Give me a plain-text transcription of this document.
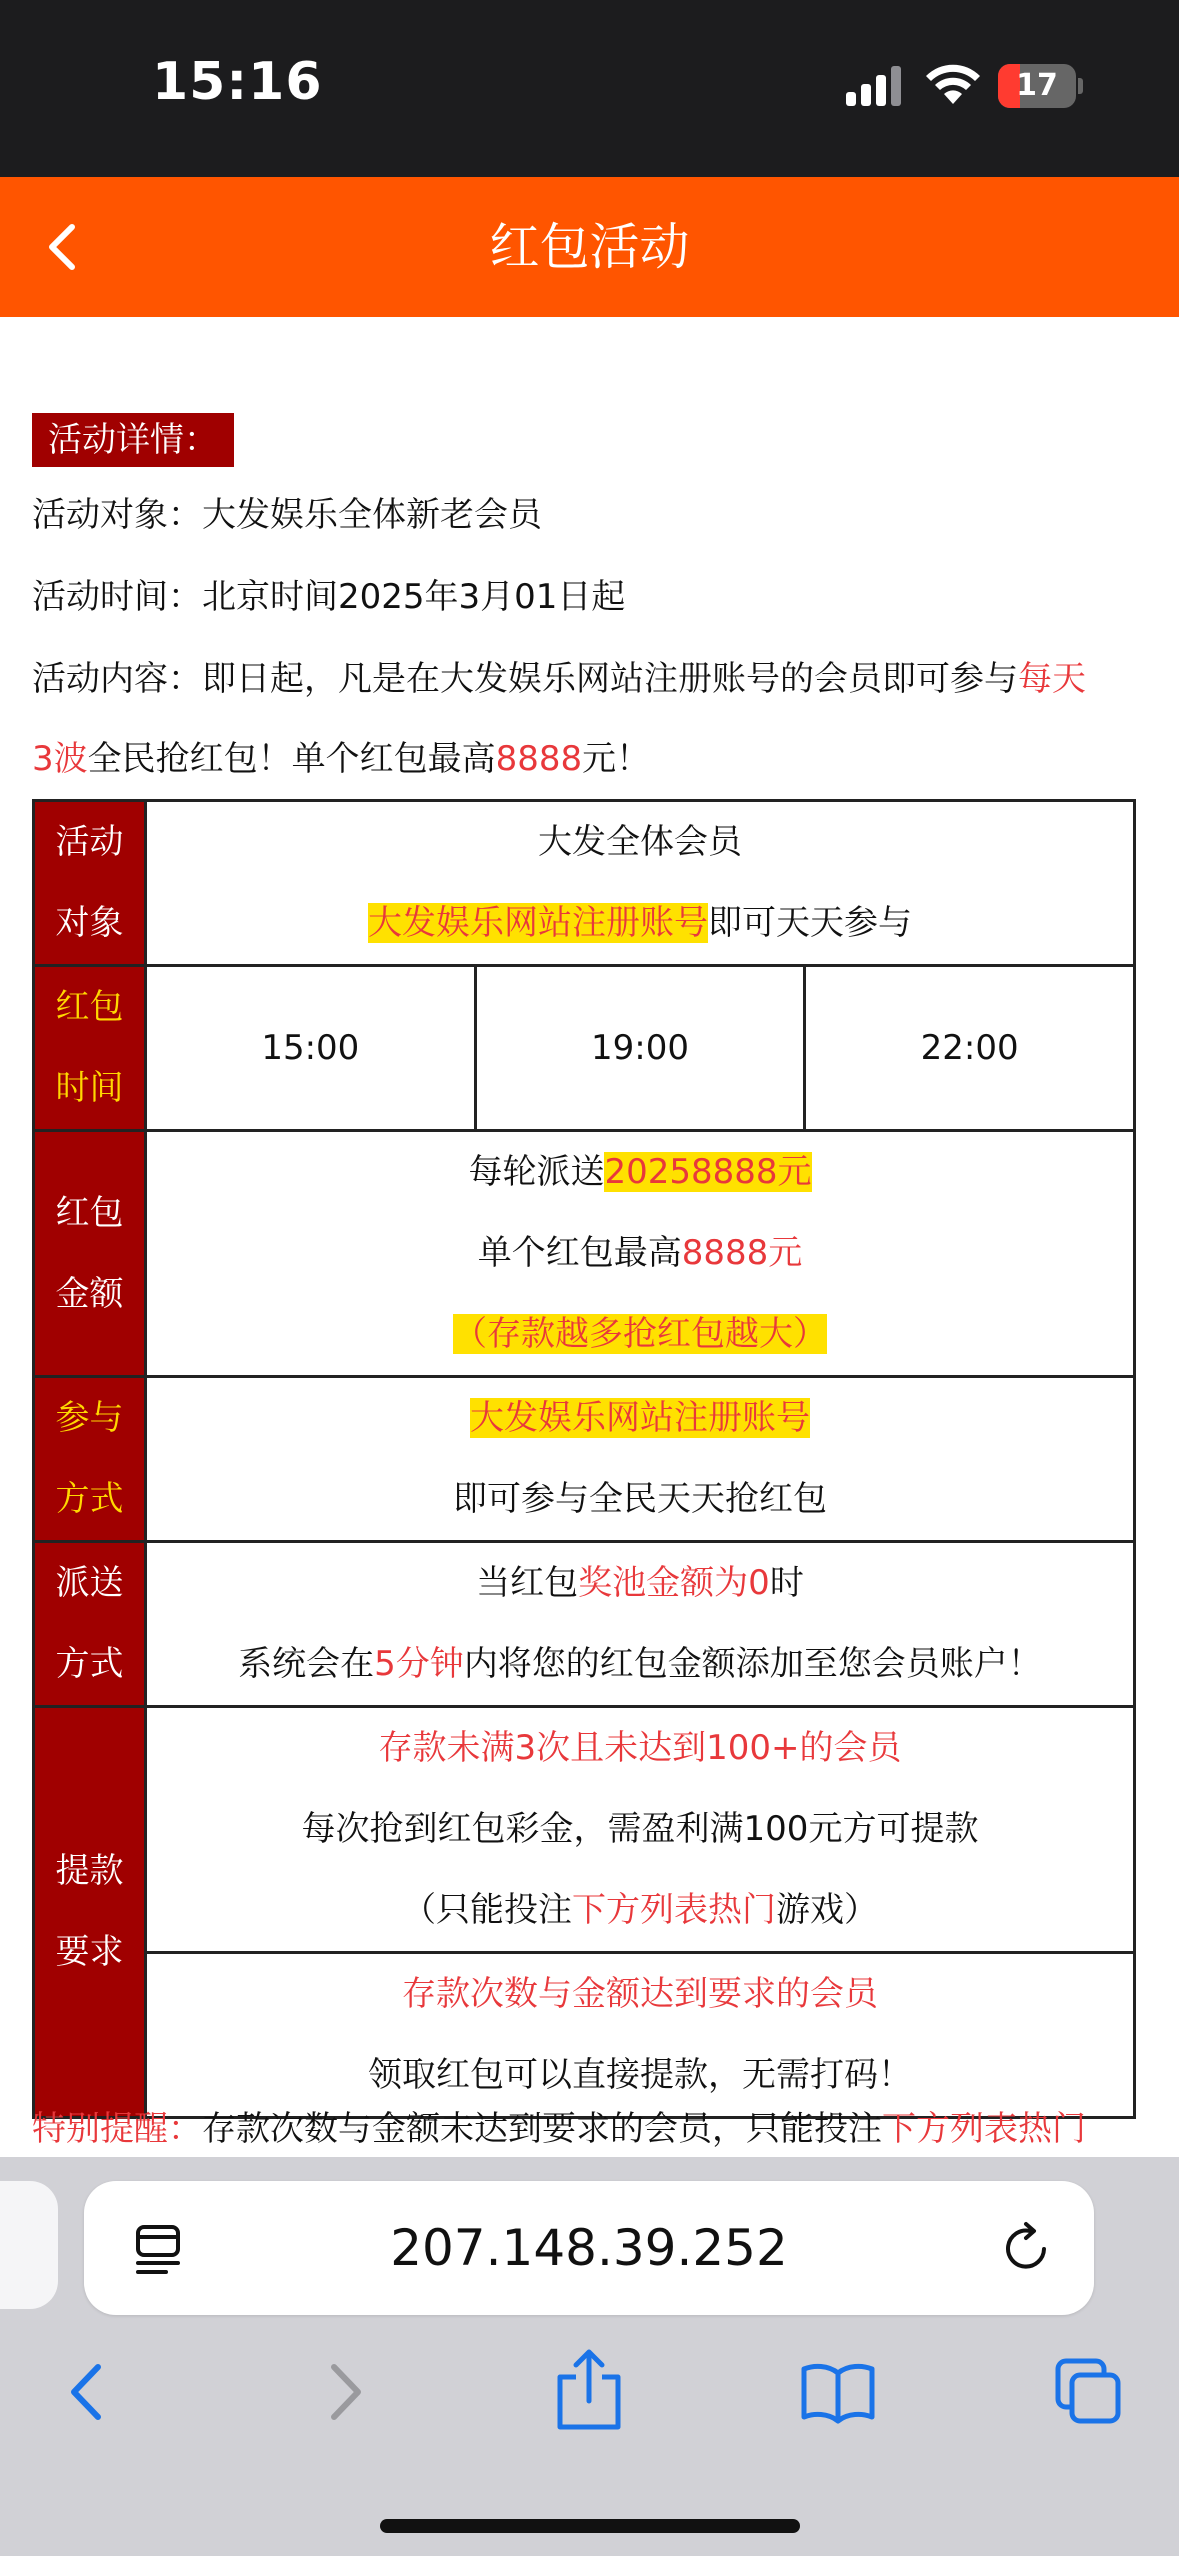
15:16	17
红包活动
活动详情：
活动对象：大发娱乐全体新老会员
活动时间：北京时间2025年3月01日起
活动内容：即日起，凡是在大发娱乐网站注册账号的会员即可参与每天
3波全民抢红包！单个红包最高8888元！
活动
对象	大发全体会员
大发娱乐网站注册账号即可天天参与		

红包
时间	15:00	19:00	22:00

红包
金额	每轮派送20258888元
单个红包最高8888元
（存款越多抢红包越大）		

参与
方式	大发娱乐网站注册账号
即可参与全民天天抢红包		

派送
方式	当红包奖池金额为0时
系统会在5分钟内将您的红包金额添加至您会员账户！		

提款
要求	存款未满3次且未达到100+的会员
每次抢到红包彩金，需盈利满100元方可提款
（只能投注下方列表热门游戏）		

	存款次数与金额达到要求的会员
领取红包可以直接提款，无需打码！		
特别提醒：存款次数与金额未达到要求的会员，只能投注下方列表热门
207.148.39.252
